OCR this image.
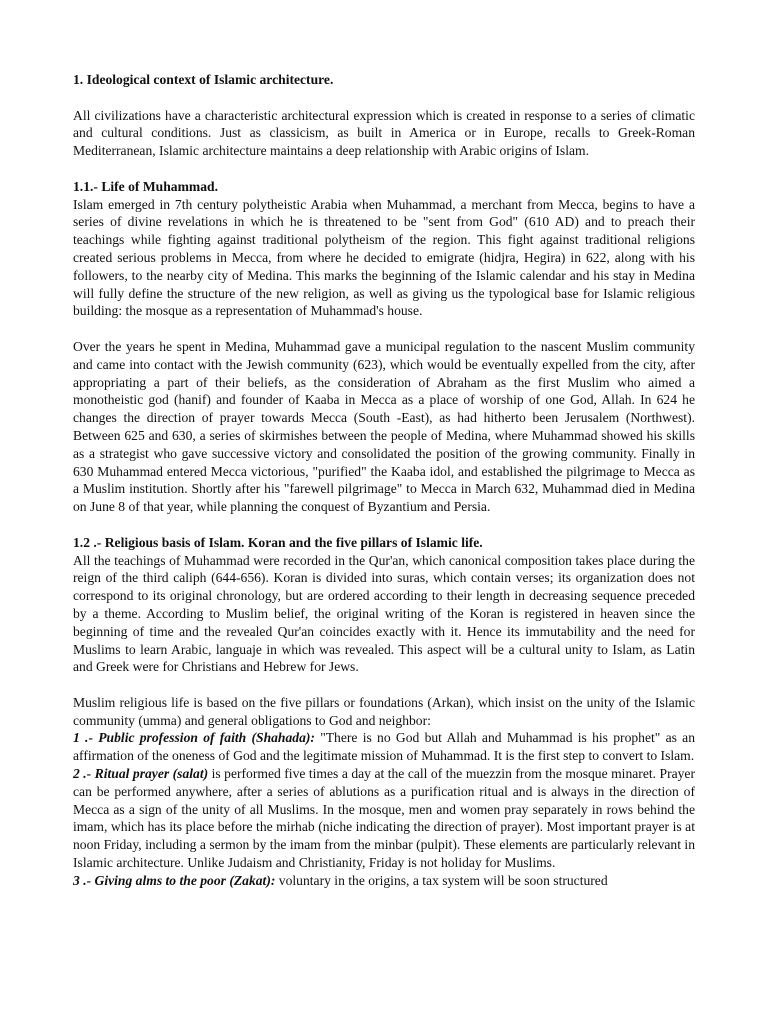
1. Ideological context of Islamic architecture.

All civilizations have a characteristic architectural expression which is created in response to a series of climatic and cultural conditions. Just as classicism, as built in America or in Europe, recalls to Greek-Roman Mediterranean, Islamic architecture maintains a deep relationship with Arabic origins of Islam.

1.1.- Life of Muhammad.

Islam emerged in 7th century polytheistic Arabia when Muhammad, a merchant from Mecca, begins to have a series of divine revelations in which he is threatened to be "sent from God" (610 AD) and to preach their teachings while fighting against traditional polytheism of the region. This fight against traditional religions created serious problems in Mecca, from where he decided to emigrate (hidjra, Hegira) in 622, along with his followers, to the nearby city of Medina. This marks the beginning of the Islamic calendar and his stay in Medina will fully define the structure of the new religion, as well as giving us the typological base for Islamic religious building: the mosque as a representation of Muhammad's house.

Over the years he spent in Medina, Muhammad gave a municipal regulation to the nascent Muslim community and came into contact with the Jewish community (623), which would be eventually expelled from the city, after appropriating a part of their beliefs, as the consideration of Abraham as the first Muslim who aimed a monotheistic god (hanif) and founder of Kaaba in Mecca as a place of worship of one God, Allah. In 624 he changes the direction of prayer towards Mecca (South -East), as had hitherto been Jerusalem (Northwest). Between 625 and 630, a series of skirmishes between the people of Medina, where Muhammad showed his skills as a strategist who gave successive victory and consolidated the position of the growing community. Finally in 630 Muhammad entered Mecca victorious, "purified" the Kaaba idol, and established the pilgrimage to Mecca as a Muslim institution. Shortly after his "farewell pilgrimage" to Mecca in March 632, Muhammad died in Medina on June 8 of that year, while planning the conquest of Byzantium and Persia.

1.2 .- Religious basis of Islam. Koran and the five pillars of Islamic life.

All the teachings of Muhammad were recorded in the Qur'an, which canonical composition takes place during the reign of the third caliph (644-656). Koran is divided into suras, which contain verses; its organization does not correspond to its original chronology, but are ordered according to their length in decreasing sequence preceded by a theme. According to Muslim belief, the original writing of the Koran is registered in heaven since the beginning of time and the revealed Qur'an coincides exactly with it. Hence its immutability and the need for Muslims to learn Arabic, languaje in which was revealed. This aspect will be a cultural unity to Islam, as Latin and Greek were for Christians and Hebrew for Jews.

Muslim religious life is based on the five pillars or foundations (Arkan), which insist on the unity of the Islamic community (umma) and general obligations to God and neighbor:

1 .- Public profession of faith (Shahada): "There is no God but Allah and Muhammad is his prophet" as an affirmation of the oneness of God and the legitimate mission of Muhammad. It is the first step to convert to Islam.

2 .- Ritual prayer (salat) is performed five times a day at the call of the muezzin from the mosque minaret. Prayer can be performed anywhere, after a series of ablutions as a purification ritual and is always in the direction of Mecca as a sign of the unity of all Muslims. In the mosque, men and women pray separately in rows behind the imam, which has its place before the mirhab (niche indicating the direction of prayer). Most important prayer is at noon Friday, including a sermon by the imam from the minbar (pulpit). These elements are particularly relevant in Islamic architecture. Unlike Judaism and Christianity, Friday is not holiday for Muslims.

3 .- Giving alms to the poor (Zakat): voluntary in the origins, a tax system will be soon structured
